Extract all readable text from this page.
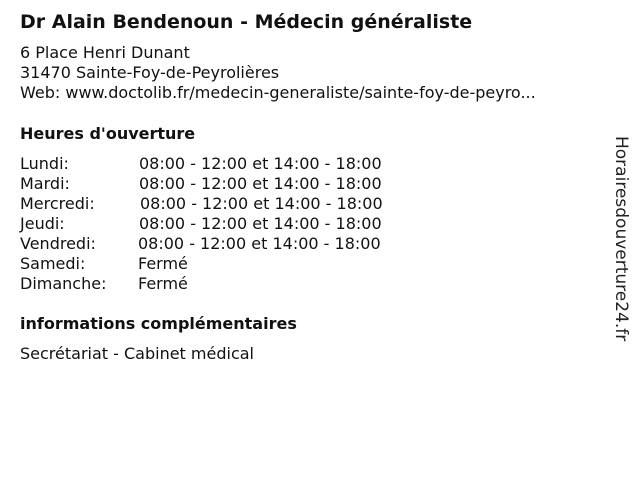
Dr Alain Bendenoun - Médecin généraliste
6 Place Henri Dunant
31470 Sainte-Foy-de-Peyrolières
Web: www.doctolib.fr/medecin-generaliste/sainte-foy-de-peyro...
Heures d'ouverture
Lundi:	08:00 - 12:00 et 14:00 - 18:00
Mardi:	08:00 - 12:00 et 14:00 - 18:00
Mercredi:	08:00 - 12:00 et 14:00 - 18:00
Jeudi:	08:00 - 12:00 et 14:00 - 18:00
Vendredi:	08:00 - 12:00 et 14:00 - 18:00
Samedi:	Fermé
Dimanche: Fermé
informations complémentaires
Secrétariat - Cabinet médical
Horairesdouverture24.fr
